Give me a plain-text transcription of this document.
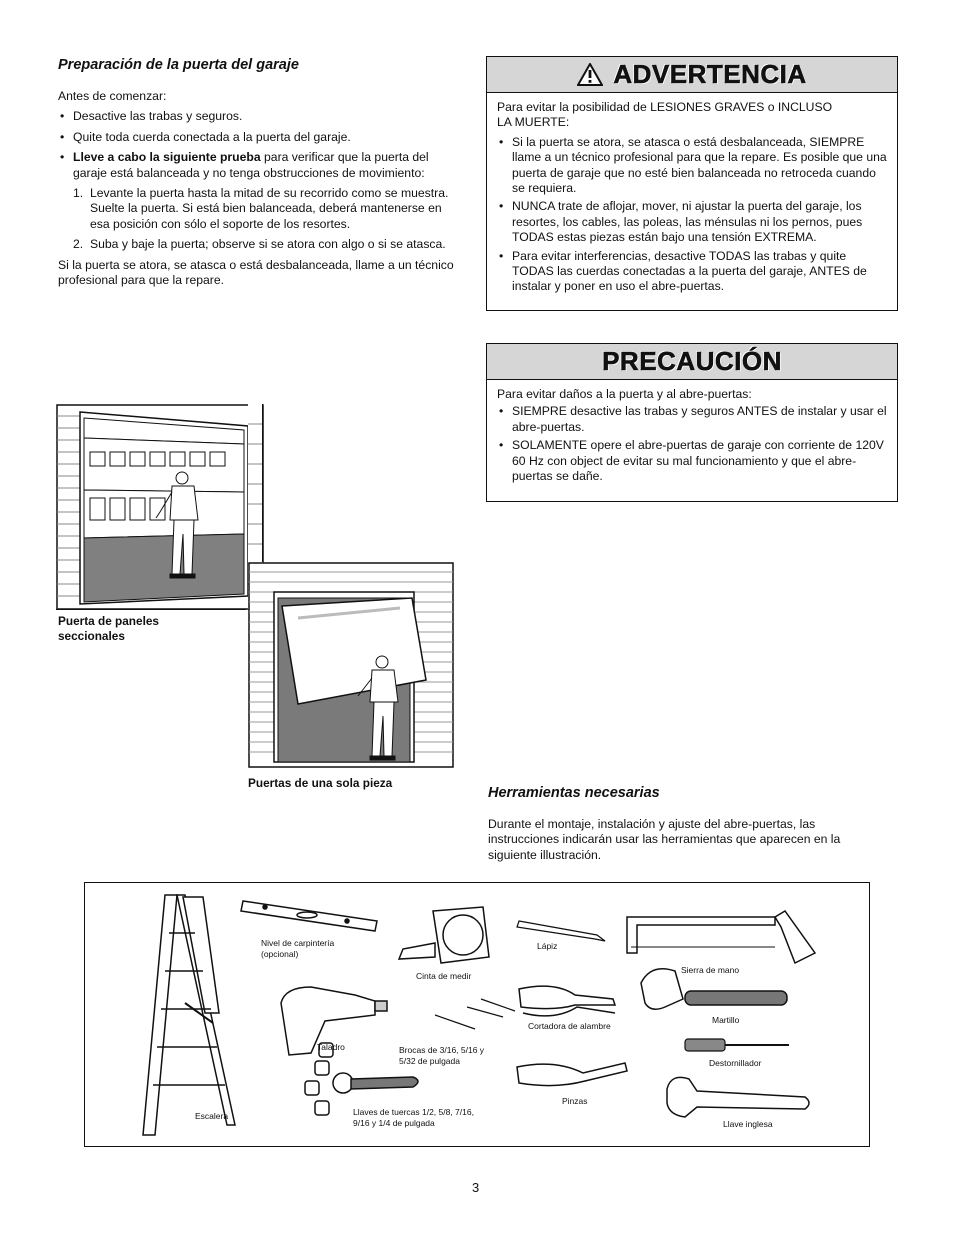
Preparación de la puerta del garaje
Antes de comenzar:
• Desactive las trabas y seguros.
• Quite toda cuerda conectada a la puerta del garaje.
• Lleve a cabo la siguiente prueba para verificar que la puerta del garaje está balanceada y no tenga obstrucciones de movimiento:
1. Levante la puerta hasta la mitad de su recorrido como se muestra. Suelte la puerta. Si está bien balanceada, deberá mantenerse en esa posición con sólo el soporte de los resortes.
2. Suba y baje la puerta; observe si se atora con algo o si se atasca.
Si la puerta se atora, se atasca o está desbalanceada, llame a un técnico profesional para que la repare.
ADVERTENCIA
Para evitar la posibilidad de LESIONES GRAVES o INCLUSO LA MUERTE:
• Si la puerta se atora, se atasca o está desbalanceada, SIEMPRE llame a un técnico profesional para que la repare. Es posible que una puerta de garaje que no esté bien balanceada no retroceda cuando se requiera.
• NUNCA trate de aflojar, mover, ni ajustar la puerta del garaje, los resortes, los cables, las poleas, las ménsulas ni los pernos, pues TODAS estas piezas están bajo una tensión EXTREMA.
• Para evitar interferencias, desactive TODAS las trabas y quite TODAS las cuerdas conectadas a la puerta del garaje, ANTES de instalar y poner en uso el abre-puertas.
PRECAUCIÓN
Para evitar daños a la puerta y al abre-puertas:
• SIEMPRE desactive las trabas y seguros ANTES de instalar y usar el abre-puertas.
• SOLAMENTE opere el abre-puertas de garaje con corriente de 120V 60 Hz con object de evitar su mal funcionamiento y que el abre-puertas se dañe.
Puerta de paneles seccionales
Puertas de una sola pieza
Herramientas necesarias
Durante el montaje, instalación y ajuste del abre-puertas, las instrucciones indicarán usar las herramientas que aparecen en la siguiente illustración.
Nivel de carpintería (opcional)
Cinta de medir
Lápiz
Sierra de mano
Taladro	Brocas de 3/16, 5/16 y 5/32 de pulgada
Cortadora de alambre
Martillo
Destornillador
Escalera	Llaves de tuercas 1/2, 5/8, 7/16, 9/16 y 1/4 de pulgada
Pinzas
Llave inglesa
3
